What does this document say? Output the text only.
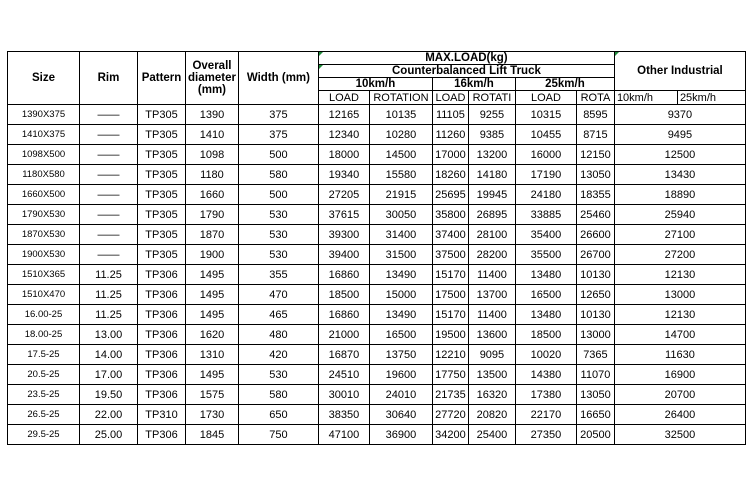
Size	Rim	Pattern	Overall diameter (mm)	Width (mm)	MAX.LOAD(kg)						Other Industrial	
					Counterbalanced Lift Truck							
					10km/h		16km/h		25km/h			
					LOAD	ROTATION	LOAD	ROTATI	LOAD	ROTA	10km/h	25km/h
1390X375	——	TP305	1390	375	12165	10135	11105	9255	10315	8595	9370	
1410X375	——	TP305	1410	375	12340	10280	11260	9385	10455	8715	9495	
1098X500	——	TP305	1098	500	18000	14500	17000	13200	16000	12150	12500	
1180X580	——	TP305	1180	580	19340	15580	18260	14180	17190	13050	13430	
1660X500	——	TP305	1660	500	27205	21915	25695	19945	24180	18355	18890	
1790X530	——	TP305	1790	530	37615	30050	35800	26895	33885	25460	25940	
1870X530	——	TP305	1870	530	39300	31400	37400	28100	35400	26600	27100	
1900X530	——	TP305	1900	530	39400	31500	37500	28200	35500	26700	27200	
1510X365	11.25	TP306	1495	355	16860	13490	15170	11400	13480	10130	12130	
1510X470	11.25	TP306	1495	470	18500	15000	17500	13700	16500	12650	13000	
16.00-25	11.25	TP306	1495	465	16860	13490	15170	11400	13480	10130	12130	
18.00-25	13.00	TP306	1620	480	21000	16500	19500	13600	18500	13000	14700	
17.5-25	14.00	TP306	1310	420	16870	13750	12210	9095	10020	7365	11630	
20.5-25	17.00	TP306	1495	530	24510	19600	17750	13500	14380	11070	16900	
23.5-25	19.50	TP306	1575	580	30010	24010	21735	16320	17380	13050	20700	
26.5-25	22.00	TP310	1730	650	38350	30640	27720	20820	22170	16650	26400	
29.5-25	25.00	TP306	1845	750	47100	36900	34200	25400	27350	20500	32500	
